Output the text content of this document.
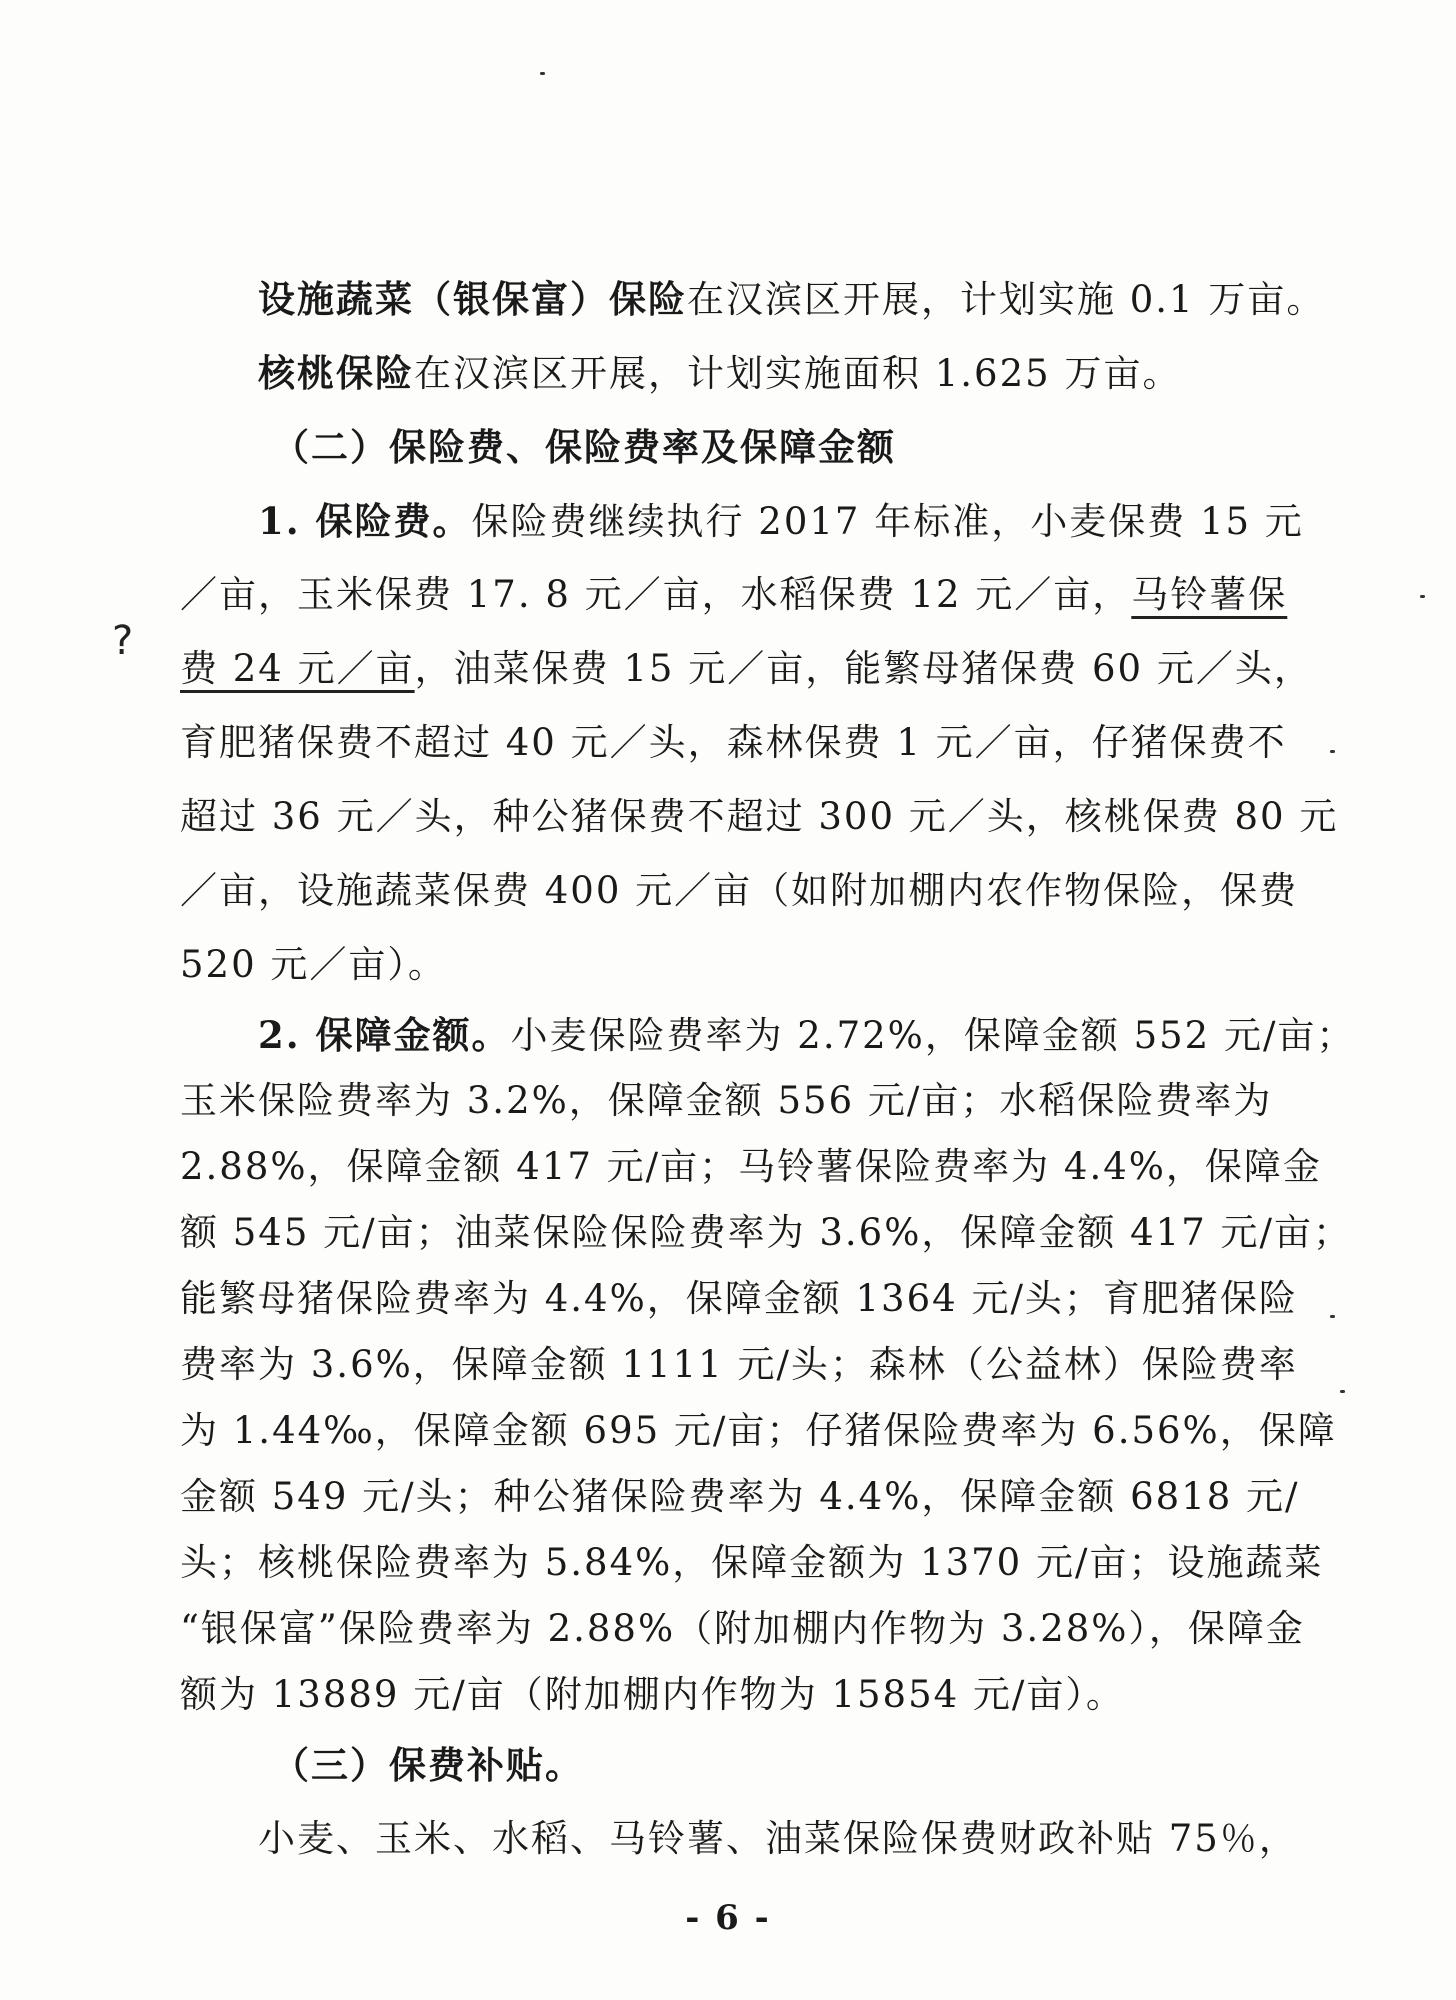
设施蔬菜（银保富）保险在汉滨区开展，计划实施 0.1 万亩。
核桃保险在汉滨区开展，计划实施面积 1.625 万亩。
（二）保险费、保险费率及保障金额
1. 保险费。保险费继续执行 2017 年标准，小麦保费 15 元
／亩，玉米保费 17. 8 元／亩，水稻保费 12 元／亩，马铃薯保
费 24 元／亩，油菜保费 15 元／亩，能繁母猪保费 60 元／头，
育肥猪保费不超过 40 元／头，森林保费 1 元／亩，仔猪保费不
超过 36 元／头，种公猪保费不超过 300 元／头，核桃保费 80 元
／亩，设施蔬菜保费 400 元／亩（如附加棚内农作物保险，保费
520 元／亩）。
2. 保障金额。小麦保险费率为 2.72%，保障金额 552 元/亩；
玉米保险费率为 3.2%，保障金额 556 元/亩；水稻保险费率为
2.88%，保障金额 417 元/亩；马铃薯保险费率为 4.4%，保障金
额 545 元/亩；油菜保险保险费率为 3.6%，保障金额 417 元/亩；
能繁母猪保险费率为 4.4%，保障金额 1364 元/头；育肥猪保险
费率为 3.6%，保障金额 1111 元/头；森林（公益林）保险费率
为 1.44‰，保障金额 695 元/亩；仔猪保险费率为 6.56%，保障
金额 549 元/头；种公猪保险费率为 4.4%，保障金额 6818 元/
头；核桃保险费率为 5.84%，保障金额为 1370 元/亩；设施蔬菜
“银保富”保险费率为 2.88%（附加棚内作物为 3.28%），保障金
额为 13889 元/亩（附加棚内作物为 15854 元/亩）。
（三）保费补贴。
小麦、玉米、水稻、马铃薯、油菜保险保费财政补贴 75％，
?
- 6 -
